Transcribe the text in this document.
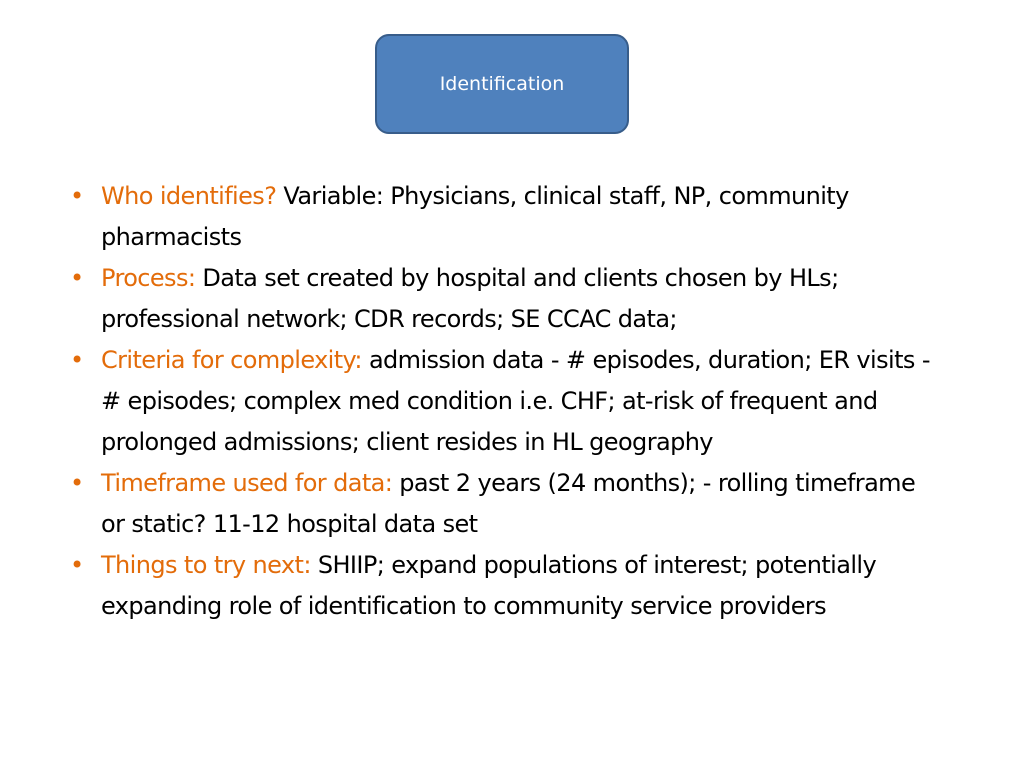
Identification
• Who identifies? Variable: Physicians, clinical staff, NP, community pharmacists
• Process: Data set created by hospital and clients chosen by HLs; professional network; CDR records; SE CCAC data;
• Criteria for complexity: admission data - # episodes, duration; ER visits - # episodes; complex med condition i.e. CHF; at-risk of frequent and prolonged admissions; client resides in HL geography
• Timeframe used for data: past 2 years (24 months); - rolling timeframe or static? 11-12 hospital data set
• Things to try next: SHIIP; expand populations of interest; potentially expanding role of identification to community service providers
